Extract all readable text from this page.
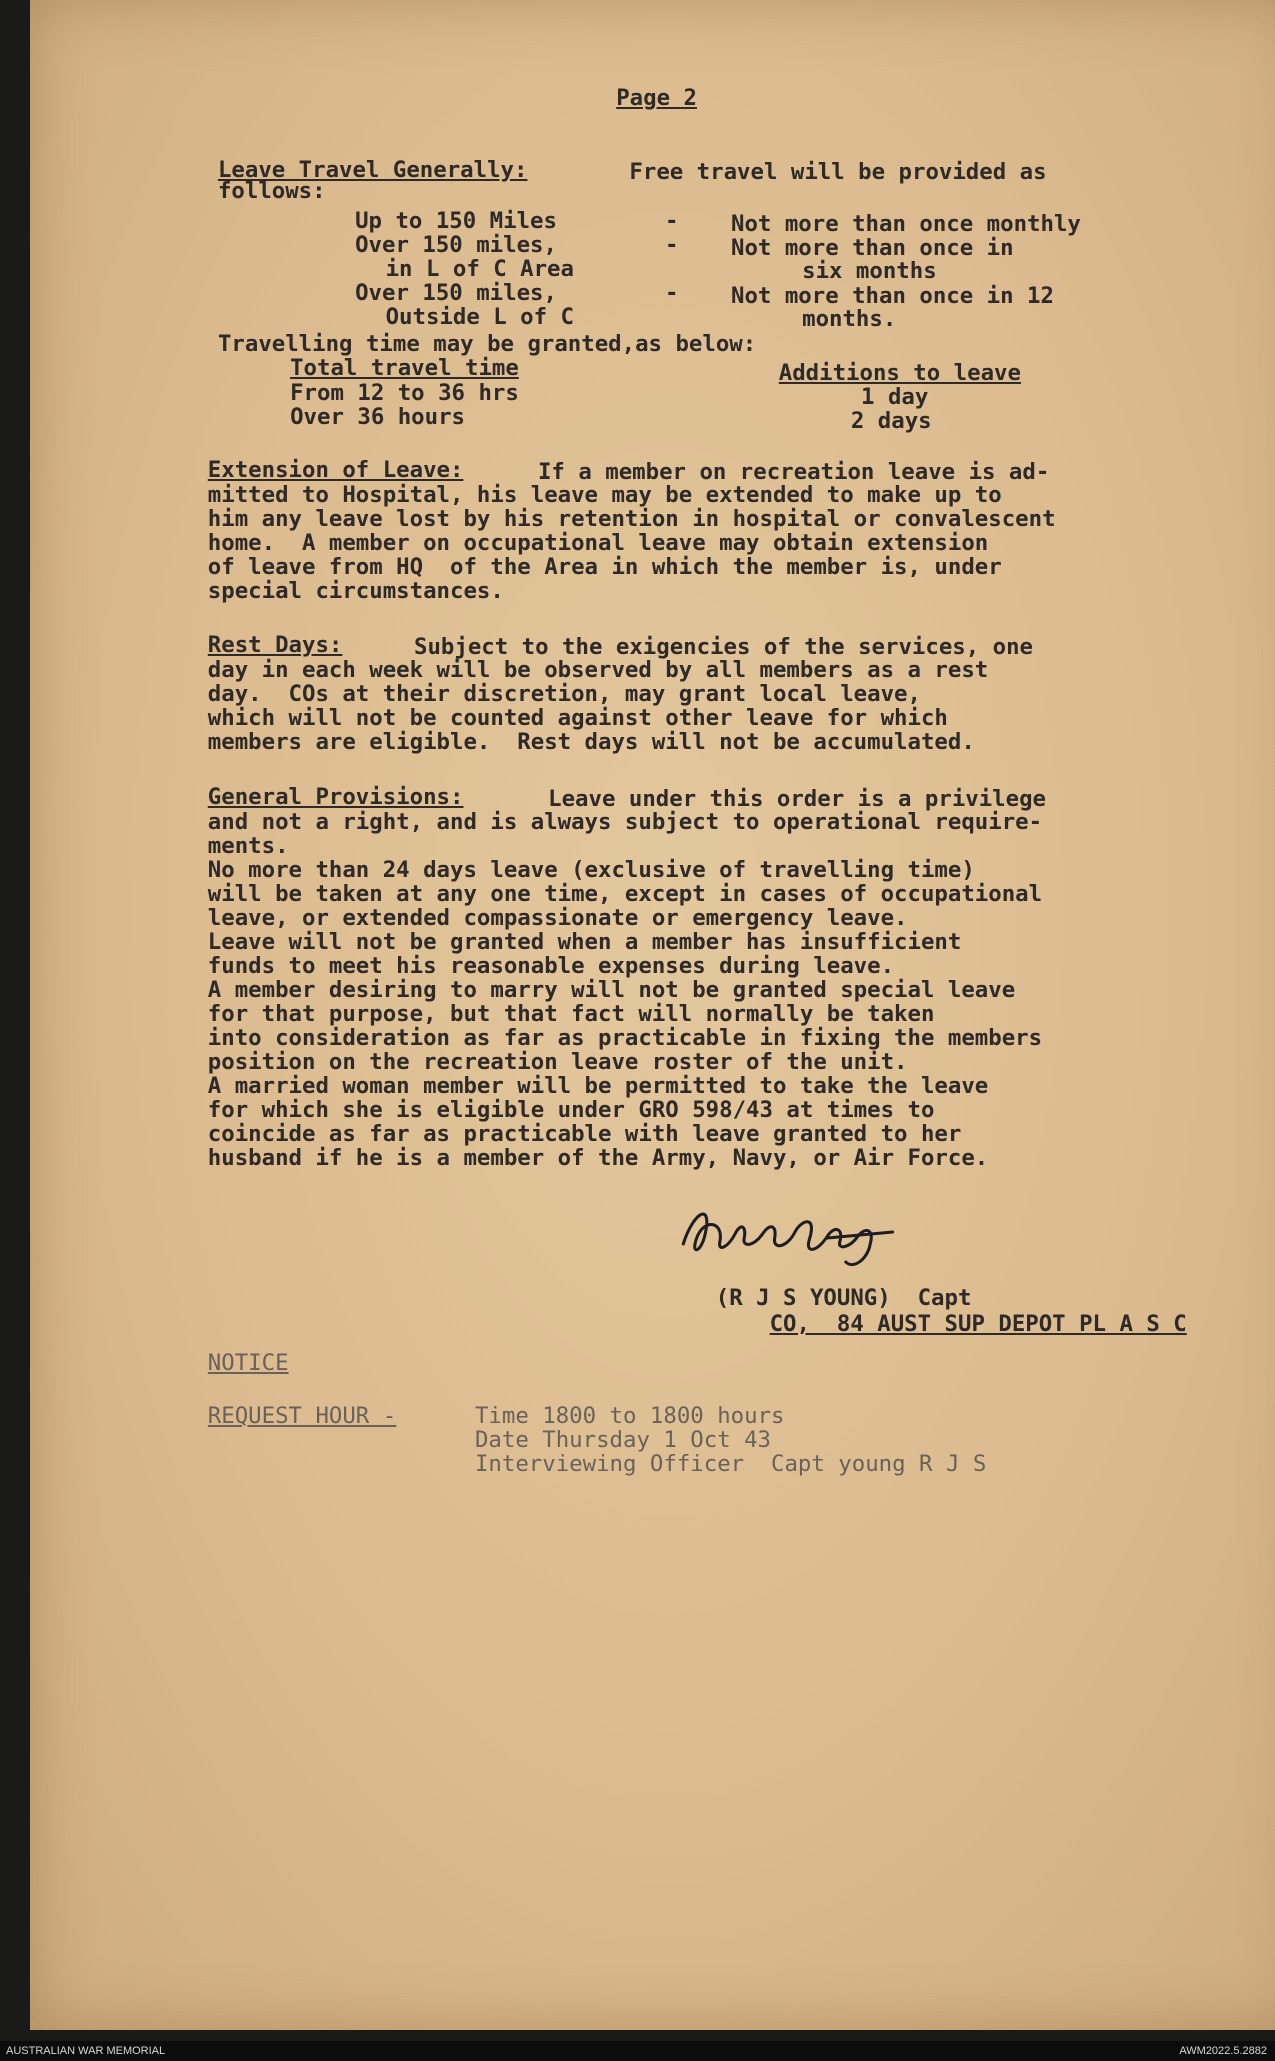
Page 2
Leave Travel Generally:	Free travel will be provided as
follows:
Up to 150 Miles	- Not more than once monthly
Over 150 miles,	- Not more than once in
in L of C Area	six months
Over 150 miles,	- Not more than once in 12
Outside L of C	months.
Travelling time may be granted,as below:
Total travel time	Additions to leave
From 12 to 36 hrs	1 day
Over 36 hours	2 days
Extension of Leave:	If a member on recreation leave is ad-
mitted to Hospital, his leave may be extended to make up to
him any leave lost by his retention in hospital or convalescent
home.  A member on occupational leave may obtain extension
of leave from HQ  of the Area in which the member is, under
special circumstances.
Rest Days:	Subject to the exigencies of the services, one
day in each week will be observed by all members as a rest
day.  COs at their discretion, may grant local leave,
which will not be counted against other leave for which
members are eligible.  Rest days will not be accumulated.
General Provisions:	Leave under this order is a privilege
and not a right, and is always subject to operational require-
ments.
No more than 24 days leave (exclusive of travelling time)
will be taken at any one time, except in cases of occupational
leave, or extended compassionate or emergency leave.
Leave will not be granted when a member has insufficient
funds to meet his reasonable expenses during leave.
A member desiring to marry will not be granted special leave
for that purpose, but that fact will normally be taken
into consideration as far as practicable in fixing the members
position on the recreation leave roster of the unit.
A married woman member will be permitted to take the leave
for which she is eligible under GRO 598/43 at times to
coincide as far as practicable with leave granted to her
husband if he is a member of the Army, Navy, or Air Force.
(R J S YOUNG)  Capt
CO,  84 AUST SUP DEPOT PL A S C
NOTICE
REQUEST HOUR -	Time 1800 to 1800 hours
Date Thursday 1 Oct 43
Interviewing Officer  Capt young R J S
AUSTRALIAN WAR MEMORIAL	AWM2022.5.2882
